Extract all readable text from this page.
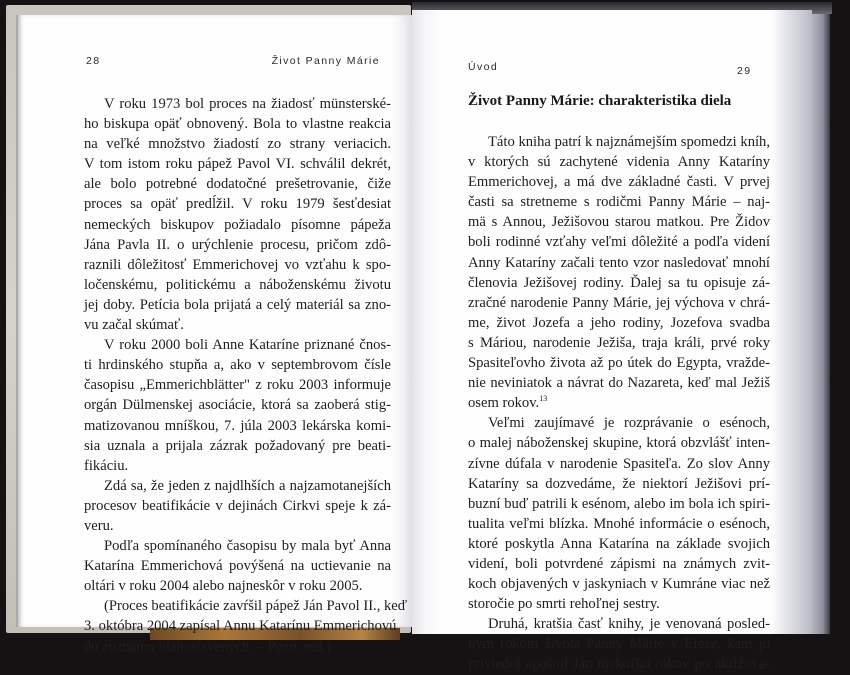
28	Život Panny Márie
V roku 1973 bol proces na žiadosť münsterské-
ho biskupa opäť obnovený. Bola to vlastne reakcia
na veľké množstvo žiadostí zo strany veriacich.
V tom istom roku pápež Pavol VI. schválil dekrét,
ale bolo potrebné dodatočné prešetrovanie, čiže
proces sa opäť predĺžil. V roku 1979 šesťdesiat
nemeckých biskupov požiadalo písomne pápeža
Jána Pavla II. o urýchlenie procesu, pričom zdô-
raznili dôležitosť Emmerichovej vo vzťahu k spo-
ločenskému, politickému a náboženskému životu
jej doby. Petícia bola prijatá a celý materiál sa zno-
vu začal skúmať.
V roku 2000 boli Anne Kataríne priznané čnos-
ti hrdinského stupňa a, ako v septembrovom čísle
časopisu „Emmerichblätter" z roku 2003 informuje
orgán Dülmenskej asociácie, ktorá sa zaoberá stig-
matizovanou mníškou, 7. júla 2003 lekárska komi-
sia uznala a prijala zázrak požadovaný pre beati-
fikáciu.
Zdá sa, že jeden z najdlhších a najzamotanejších
procesov beatifikácie v dejinách Cirkvi speje k zá-
veru.
Podľa spomínaného časopisu by mala byť Anna
Katarína Emmerichová povýšená na uctievanie na
oltári v roku 2004 alebo najneskôr v roku 2005.
(Proces beatifikácie zavŕšil pápež Ján Pavol II., keď
3. októbra 2004 zapísal Annu Katarínu Emmerichovú
do zoznamu blahoslavených. – Pozn. red.)
Úvod	29
Život Panny Márie: charakteristika diela
Táto kniha patrí k najznámejším spomedzi kníh,
v ktorých sú zachytené videnia Anny Kataríny
Emmerichovej, a má dve základné časti. V prvej
časti sa stretneme s rodičmi Panny Márie – naj-
mä s Annou, Ježišovou starou matkou. Pre Židov
boli rodinné vzťahy veľmi dôležité a podľa videní
Anny Kataríny začali tento vzor nasledovať mnohí
členovia Ježišovej rodiny. Ďalej sa tu opisuje zá-
zračné narodenie Panny Márie, jej výchova v chrá-
me, život Jozefa a jeho rodiny, Jozefova svadba
s Máriou, narodenie Ježiša, traja králi, prvé roky
Spasiteľovho života až po útek do Egypta, vražde-
nie neviniatok a návrat do Nazareta, keď mal Ježiš
osem rokov.$^{13}$
Veľmi zaujímavé je rozprávanie o esénoch,
o malej náboženskej skupine, ktorá obzvlášť inten-
zívne dúfala v narodenie Spasiteľa. Zo slov Anny
Kataríny sa dozvedáme, že niektorí Ježišovi prí-
buzní buď patrili k esénom, alebo im bola ich spiri-
tualita veľmi blízka. Mnohé informácie o esénoch,
ktoré poskytla Anna Katarína na základe svojich
videní, boli potvrdené zápismi na známych zvit-
koch objavených v jaskyniach v Kumráne viac než
storočie po smrti rehoľnej sestry.
Druhá, kratšia časť knihy, je venovaná posled-
ným rokom života Panny Márie v Efeze, kam ju
priviedol apoštol Ján niekoľko rokov po ukrižova-
